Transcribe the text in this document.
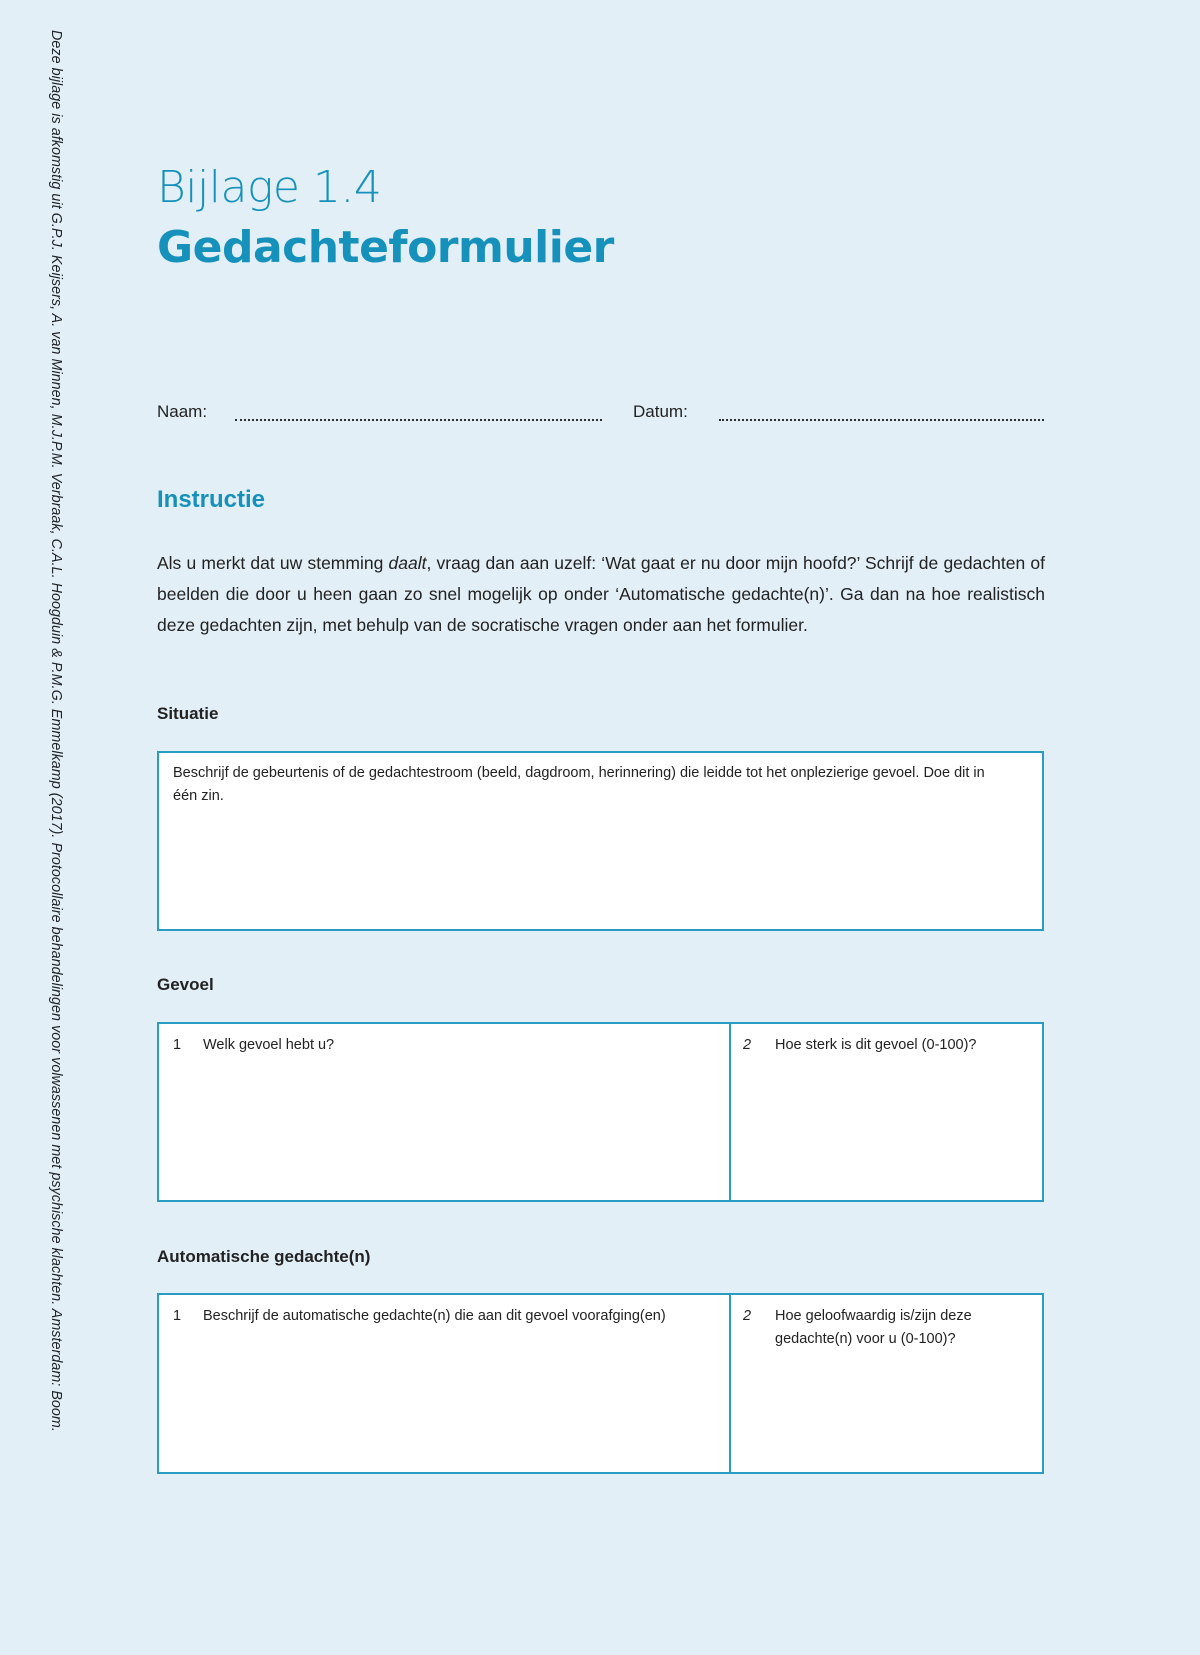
Deze bijlage is afkomstig uit G.P.J. Keijsers, A. van Minnen, M.J.P.M. Verbraak, C.A.L. Hoogduin & P.M.G. Emmelkamp (2017). Protocollaire behandelingen voor volwassenen met psychische klachten. Amsterdam: Boom. Bijlage 1.4
Gedachteformulier
Naam:	Datum:
Instructie

Als u merkt dat uw stemming daalt, vraag dan aan uzelf: ‘Wat gaat er nu door mijn hoofd?’ Schrijf de gedachten of beelden die door u heen gaan zo snel mogelijk op onder ‘Automatische gedachte(n)’. Ga dan na hoe realistisch deze gedachten zijn, met behulp van de socratische vragen onder aan het formulier.

Situatie
Beschrijf de gebeurtenis of de gedachtestroom (beeld, dagdroom, herinnering) die leidde tot het onplezierige gevoel. Doe dit in één zin.
Gevoel
1 Welk gevoel hebt u?	2 Hoe sterk is dit gevoel (0-100)?
Automatische gedachte(n)
1 Beschrijf de automatische gedachte(n) die aan dit gevoel voorafging(en)	2 Hoe geloofwaardig is/zijn deze gedachte(n) voor u (0-100)?
